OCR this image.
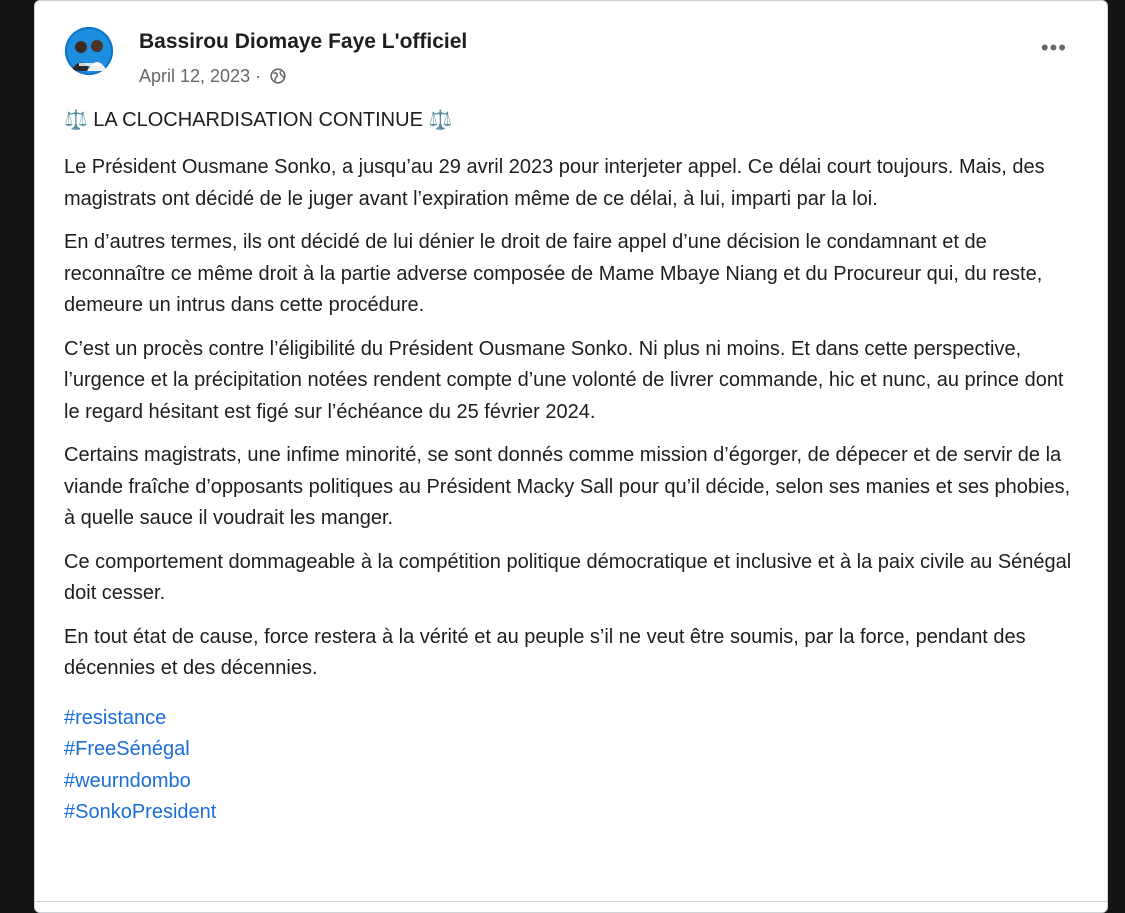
Bassirou Diomaye Faye L'officiel
April 12, 2023 ·
•••
⚖️ LA CLOCHARDISATION CONTINUE ⚖️

Le Président Ousmane Sonko, a jusqu’au 29 avril 2023 pour interjeter appel. Ce délai court toujours. Mais, des magistrats ont décidé de le juger avant l’expiration même de ce délai, à lui, imparti par la loi.

En d’autres termes, ils ont décidé de lui dénier le droit de faire appel d’une décision le condamnant et de reconnaître ce même droit à la partie adverse composée de Mame Mbaye Niang et du Procureur qui, du reste, demeure un intrus dans cette procédure.

C’est un procès contre l’éligibilité du Président Ousmane Sonko. Ni plus ni moins. Et dans cette perspective, l’urgence et la précipitation notées rendent compte d’une volonté de livrer commande, hic et nunc, au prince dont le regard hésitant est figé sur l’échéance du 25 février 2024.

Certains magistrats, une infime minorité, se sont donnés comme mission d’égorger, de dépecer et de servir de la viande fraîche d’opposants politiques au Président Macky Sall pour qu’il décide, selon ses manies et ses phobies, à quelle sauce il voudrait les manger.

Ce comportement dommageable à la compétition politique démocratique et inclusive et à la paix civile au Sénégal doit cesser.

En tout état de cause, force restera à la vérité et au peuple s’il ne veut être soumis, par la force, pendant des décennies et des décennies.

#resistance
#FreeSénégal
#weurndombo
#SonkoPresident
